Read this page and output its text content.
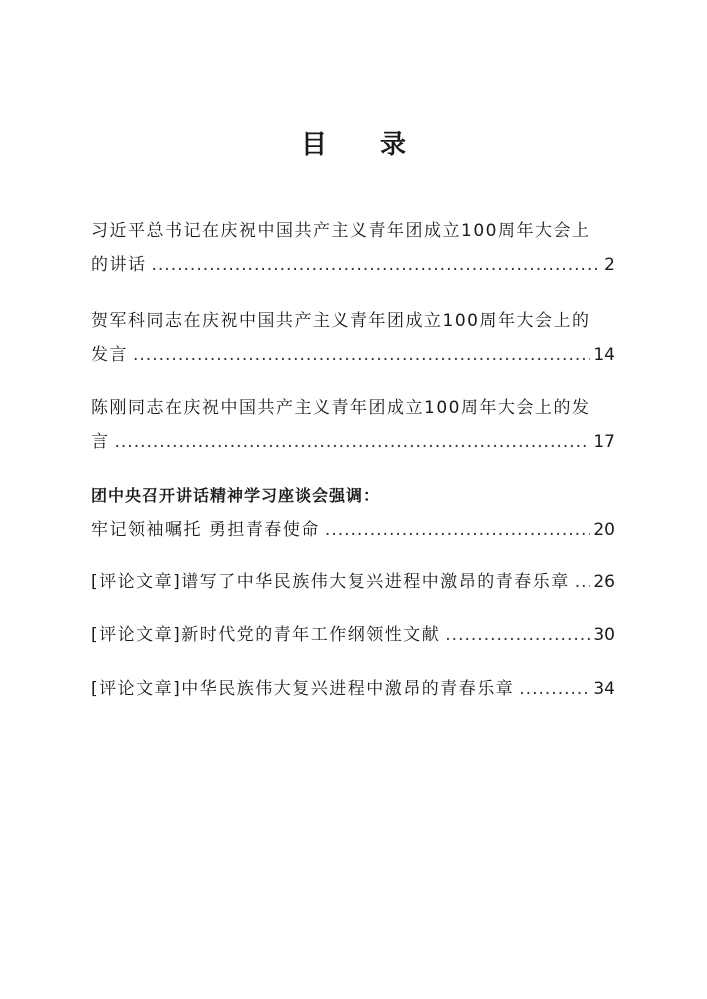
目 录
习近平总书记在庆祝中国共产主义青年团成立100周年大会上
的讲话 .....	2
贺军科同志在庆祝中国共产主义青年团成立100周年大会上的
发言 .....	14
陈刚同志在庆祝中国共产主义青年团成立100周年大会上的发
言 .....	17
团中央召开讲话精神学习座谈会强调：
牢记领袖嘱托 勇担青春使命 .....	20
[评论文章]谱写了中华民族伟大复兴进程中激昂的青春乐章 ..... 26
[评论文章]新时代党的青年工作纲领性文献 .....	30
[评论文章]中华民族伟大复兴进程中激昂的青春乐章 .....	34
